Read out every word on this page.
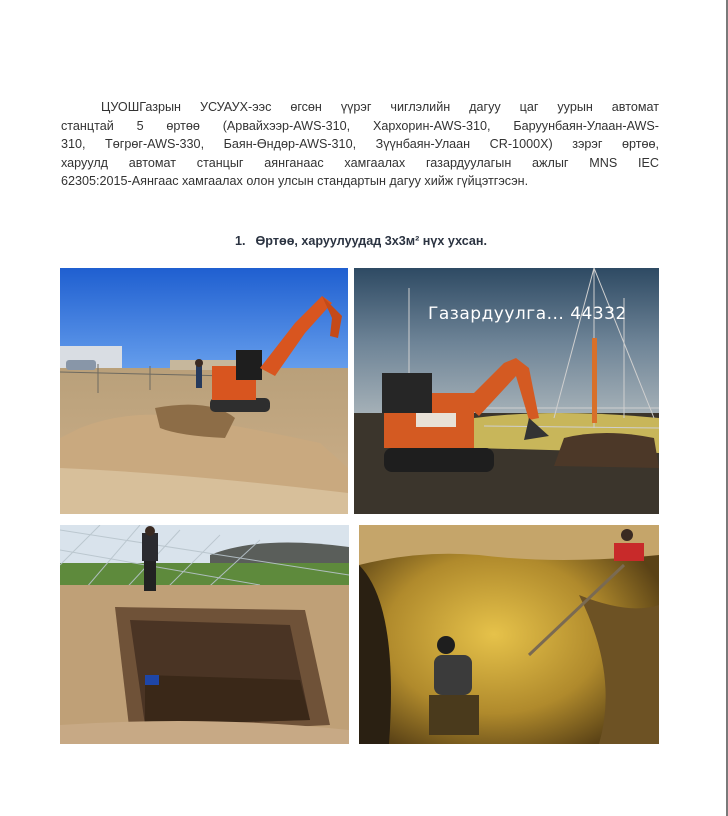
ЦУОШГазрын УСУАУХ-ээс өгсөн үүрэг чиглэлийн дагуу цаг уурын автомат
станцтай 5 өртөө (Арвайхээр-AWS-310, Хархорин-AWS-310, Баруунбаян-Улаан-AWS-
310, Төгрөг-AWS-330, Баян-Өндөр-AWS-310, Зүүнбаян-Улаан CR-1000X) зэрэг өртөө,
харуулд автомат станцыг аянганаас хамгаалах газардуулагын ажлыг MNS IEC
62305:2015-Аянгаас хамгаалах олон улсын стандартын дагуу хийж гүйцэтгэсэн.
1. Өртөө, харуулуудад 3x3м² нүх ухсан.
Газардуулга... 44332
